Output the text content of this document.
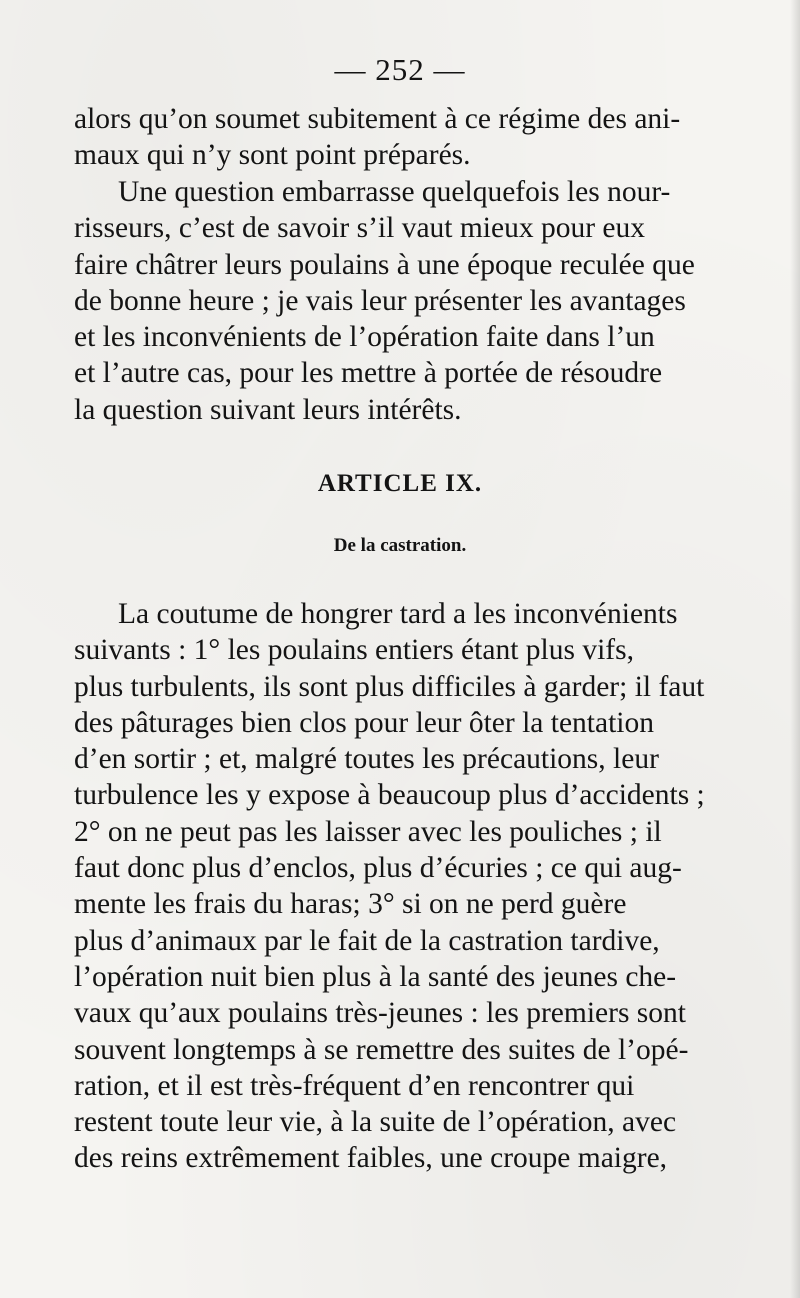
— 252 —

alors qu’on soumet subitement à ce régime des ani-
maux qui n’y sont point préparés.

Une question embarrasse quelquefois les nour-
risseurs, c’est de savoir s’il vaut mieux pour eux
faire châtrer leurs poulains à une époque reculée que
de bonne heure ; je vais leur présenter les avantages
et les inconvénients de l’opération faite dans l’un
et l’autre cas, pour les mettre à portée de résoudre
la question suivant leurs intérêts.

ARTICLE IX.
De la castration.

La coutume de hongrer tard a les inconvénients
suivants : 1° les poulains entiers étant plus vifs,
plus turbulents, ils sont plus difficiles à garder; il faut
des pâturages bien clos pour leur ôter la tentation
d’en sortir ; et, malgré toutes les précautions, leur
turbulence les y expose à beaucoup plus d’accidents ;
2° on ne peut pas les laisser avec les pouliches ; il
faut donc plus d’enclos, plus d’écuries ; ce qui aug-
mente les frais du haras; 3° si on ne perd guère
plus d’animaux par le fait de la castration tardive,
l’opération nuit bien plus à la santé des jeunes che-
vaux qu’aux poulains très-jeunes : les premiers sont
souvent longtemps à se remettre des suites de l’opé-
ration, et il est très-fréquent d’en rencontrer qui
restent toute leur vie, à la suite de l’opération, avec
des reins extrêmement faibles, une croupe maigre,
